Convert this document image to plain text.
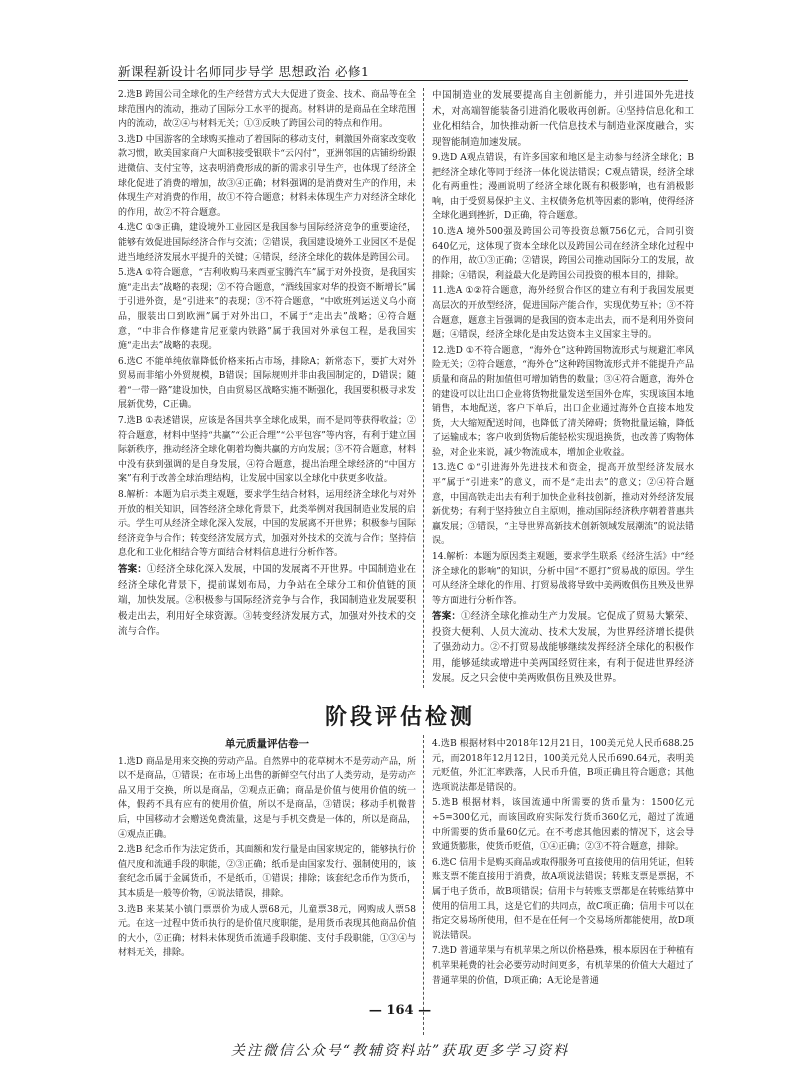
新课程新设计名师同步导学 思想政治 必修1

2.选B 跨国公司全球化的生产经营方式大大促进了资金、技术、商品等在全球范围内的流动，推动了国际分工水平的提高。材料讲的是商品在全球范围内的流动，故②④与材料无关；①③反映了跨国公司的特点和作用。

3.选D 中国游客的全球购买推动了着国际的移动支付，刺激国外商家改变收款习惯，欧美国家商户大面积接受银联卡“云闪付”，亚洲邻国的店铺纷纷跟进微信、支付宝等，这表明消费形成的新的需求引导生产，也体现了经济全球化促进了消费的增加，故③④正确；材料强调的是消费对生产的作用，未体现生产对消费的作用，故①不符合题意；材料未体现生产力对经济全球化的作用，故②不符合题意。

4.选C ①③正确，建设境外工业园区是我国参与国际经济竞争的重要途径，能够有效促进国际经济合作与交流；②错误，我国建设境外工业园区不是促进当地经济发展水平提升的关键；④错误，经济全球化的载体是跨国公司。

5.选A ①符合题意，“吉利收购马来西亚宝腾汽车”属于对外投资，是我国实施“走出去”战略的表现；②不符合题意，“酒线国家对华的投资不断增长”属于引进外资，是“引进来”的表现；③不符合题意，“中欧班列运送义乌小商品，服装出口到欧洲”属于对外出口，不属于“走出去”战略；④符合题意，“中非合作修建肯尼亚蒙内铁路”属于我国对外承包工程，是我国实施“走出去”战略的表现。

6.选C 不能单纯依靠降低价格来拓占市场，排除A；新常态下，要扩大对外贸易而非缩小外贸规模，B错误；国际规则并非由我国制定的，D错误；随着“一带一路”建设加快，自由贸易区战略实施不断强化，我国要积极寻求发展新优势，C正确。

7.选B ①表述错误，应该是各国共享全球化成果，而不是同等获得收益；②符合题意，材料中坚持“共赢”“公正合理”“公平包容”等内容，有利于建立国际新秩序，推动经济全球化朝着均衡共赢的方向发展；③不符合题意，材料中没有获到强调的是自身发展，④符合题意，提出治理全球经济的“中国方案”有利于改善全球治理结构，让发展中国家以全球化中获更多收益。

8.解析：本题为启示类主观题，要求学生结合材料，运用经济全球化与对外开放的相关知识，回答经济全球化背景下，此类举例对我国制造业发展的启示。学生可从经济全球化深入发展，中国的发展离不开世界；积极参与国际经济竞争与合作；转变经济发展方式，加强对外技术的交流与合作；坚持信息化和工业化相结合等方面结合材料信息进行分析作答。

答案：①经济全球化深入发展，中国的发展离不开世界。中国制造业在经济全球化背景下，提前谋划布局，力争站在全球分工和价值链的顶端，加快发展。②积极参与国际经济竞争与合作，我国制造业发展要积极走出去，利用好全球资源。③转变经济发展方式，加强对外技术的交流与合作。

中国制造业的发展要提高自主创新能力，并引进国外先进技术，对高端智能装备引进消化吸收再创新。④坚持信息化和工业化相结合，加快推动新一代信息技术与制造业深度融合，实现智能制造加速发展。

9.选D A观点错误，有许多国家和地区是主动参与经济全球化；B把经济全球化等同于经济一体化说法错误；C观点错误，经济全球化有两重性；漫画说明了经济全球化既有积极影响，也有消极影响，由于受贸易保护主义、主权债务危机等因素的影响，使得经济全球化遇到挫折，D正确，符合题意。

10.选A 境外500强及跨国公司等投资总额756亿元，合同引资640亿元，这体现了资本全球化以及跨国公司在经济全球化过程中的作用，故①③正确；②错误，跨国公司推动国际分工的发展，故排除；④错误，利益最大化是跨国公司投资的根本目的，排除。

11.选A ①②符合题意，海外经贸合作区的建立有利于我国发展更高层次的开放型经济，促进国际产能合作，实现优势互补；③不符合题意，题意主旨强调的是我国的资本走出去，而不是利用外资问题；④错误，经济全球化是由发达资本主义国家主导的。

12.选D ①不符合题意，“海外仓”这种跨国物流形式与规避汇率风险无关；②符合题意，“海外仓”这种跨国物流形式并不能提升产品质量和商品的附加值但可增加销售的数量；③④符合题意，海外仓的建设可以让出口企业将货物批量发送至国外仓库，实现该国本地销售，本地配送，客户下单后，出口企业通过海外仓直接本地发货，大大缩短配送时间，也降低了清关障碍；货物批量运输，降低了运输成本；客户收到货物后能轻松实现退换货，也改善了购物体验，对企业来说，减少物流成本，增加企业收益。

13.选C ①“引进海外先进技术和资金，提高开放型经济发展水平”属于“引进来”的意义，而不是“走出去”的意义；②④符合题意，中国高铁走出去有利于加快企业科技创新，推动对外经济发展新优势；有利于坚持独立自主原则，推动国际经济秩序朝着普惠共赢发展；③错误，“主导世界高新技术创新领域发展潮流”的说法错误。

14.解析：本题为原因类主观题，要求学生联系《经济生活》中“经济全球化的影响”的知识，分析中国“不愿打”贸易战的原因。学生可从经济全球化的作用、打贸易战将导致中美两败俱伤且殃及世界等方面进行分析作答。

答案：①经济全球化推动生产力发展。它促成了贸易大繁荣、投资大便利、人员大流动、技术大发展，为世界经济增长提供了强劲动力。②不打贸易战能够继续发挥经济全球化的积极作用，能够延续或增进中美两国经贸往来，有利于促进世界经济发展。反之只会使中美两败俱伤且殃及世界。

阶段评估检测
单元质量评估卷一

1.选D 商品是用来交换的劳动产品。自然界中的花草树木不是劳动产品，所以不是商品，①错误；在市场上出售的新鲜空气付出了人类劳动，是劳动产品又用于交换，所以是商品，②观点正确；商品是价值与使用价值的统一体，假药不具有应有的使用价值，所以不是商品，③错误；移动手机微普后，中国移动才会赠送免费流量，这是与手机交费是一体的，所以是商品，④观点正确。

2.选B 纪念币作为法定货币，其面额和发行量是由国家规定的，能够执行价值尺度和流通手段的职能，②③正确；纸币是由国家发行、强制使用的，该套纪念币属于金属货币，不是纸币，①错误；排除；该套纪念币作为货币，其本质是一般等价物，④说法错误，排除。

3.选B 来某某小镇门票票价为成人票68元，儿童票38元，网购成人票58元。在这一过程中货币执行的是价值尺度职能，是用货币表现其他商品价值的大小，②正确；材料未体现货币流通手段职能、支付手段职能，①③④与材料无关，排除。

4.选B 根据材料中2018年12月21日，100美元兑人民币688.25元，而2018年12月12日，100美元兑人民币690.64元，表明美元贬值，外汇汇率跌落，人民币升值，B项正确且符合题意；其他选项说法都是错误的。

5.选B 根据材料，该国流通中所需要的货币量为：1500亿元÷5=300亿元，而该国政府实际发行货币360亿元，超过了流通中所需要的货币量60亿元。在不考虑其他因素的情况下，这会导致通货膨胀，使货币贬值，①④正确；②③不符合题意，排除。

6.选C 信用卡是购买商品或取得服务可直接使用的信用凭证，但转账支票不能直接用于消费，故A项说法错误；转账支票是票据，不属于电子货币，故B项错误；信用卡与转账支票都是在转账结算中使用的信用工具，这是它们的共同点，故C项正确；信用卡可以在指定交易场所使用，但不是在任何一个交易场所都能使用，故D项说法错误。

7.选D 普通苹果与有机苹果之所以价格悬殊，根本原因在于种植有机苹果耗费的社会必要劳动时间更多，有机苹果的价值大大超过了普通苹果的价值，D项正确；A无论是普通

— 164 —
关注微信公众号“教辅资料站”获取更多学习资料
